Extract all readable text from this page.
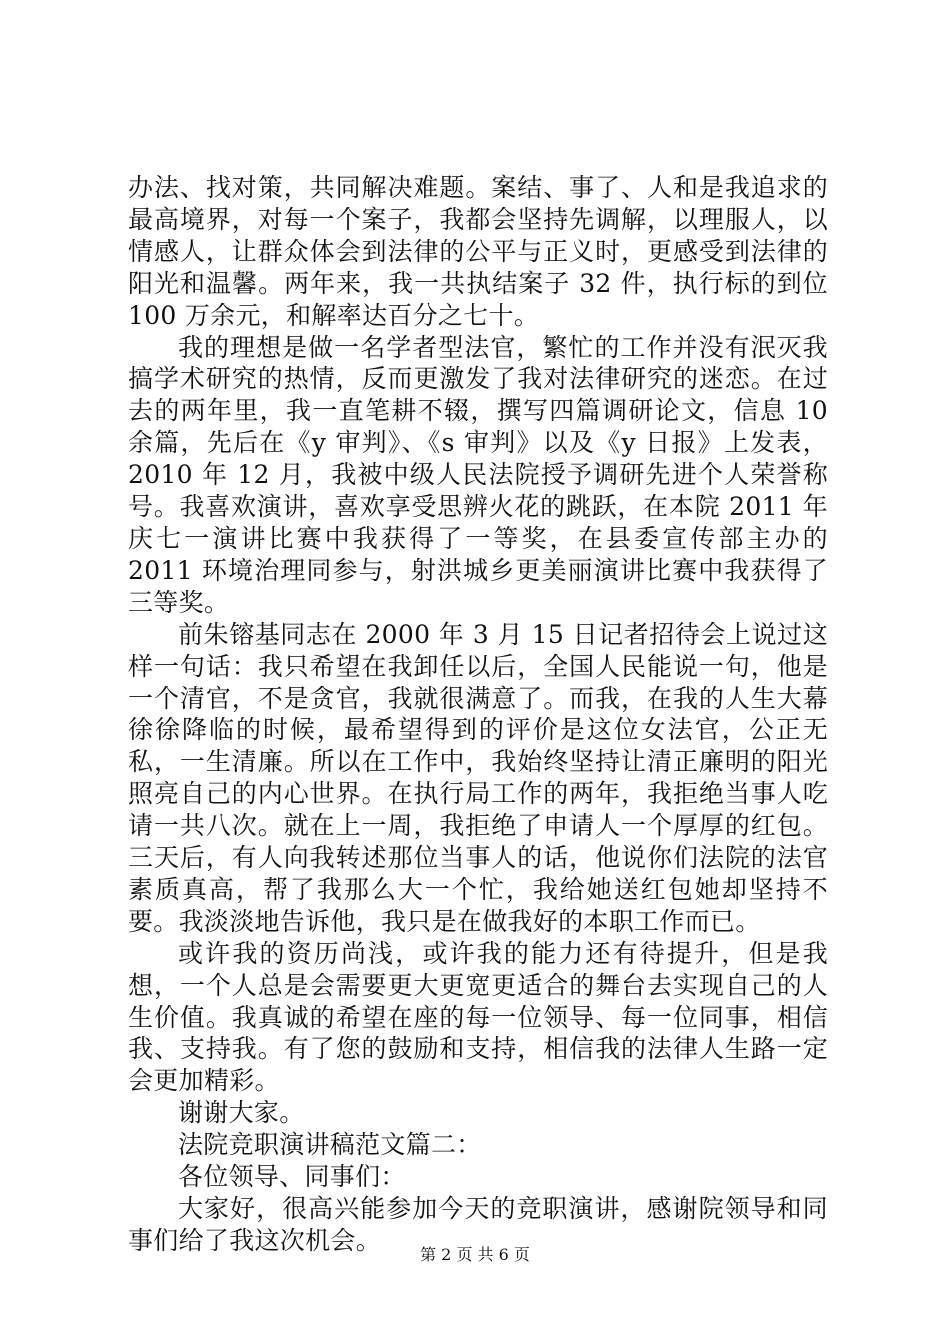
办法、找对策，共同解决难题。案结、事了、人和是我追求的最高境界，对每一个案子，我都会坚持先调解，以理服人，以情感人，让群众体会到法律的公平与正义时，更感受到法律的阳光和温馨。两年来，我一共执结案子 32 件，执行标的到位 100 万余元，和解率达百分之七十。

我的理想是做一名学者型法官，繁忙的工作并没有泯灭我搞学术研究的热情，反而更激发了我对法律研究的迷恋。在过去的两年里，我一直笔耕不辍，撰写四篇调研论文，信息 10 余篇，先后在《y 审判》、《s 审判》以及《y 日报》上发表，2010 年 12 月，我被中级人民法院授予调研先进个人荣誉称号。我喜欢演讲，喜欢享受思辨火花的跳跃，在本院 2011 年庆七一演讲比赛中我获得了一等奖，在县委宣传部主办的 2011 环境治理同参与，射洪城乡更美丽演讲比赛中我获得了三等奖。

前朱镕基同志在 2000 年 3 月 15 日记者招待会上说过这样一句话：我只希望在我卸任以后，全国人民能说一句，他是一个清官，不是贪官，我就很满意了。而我，在我的人生大幕徐徐降临的时候，最希望得到的评价是这位女法官，公正无私，一生清廉。所以在工作中，我始终坚持让清正廉明的阳光照亮自己的内心世界。在执行局工作的两年，我拒绝当事人吃请一共八次。就在上一周，我拒绝了申请人一个厚厚的红包。三天后，有人向我转述那位当事人的话，他说你们法院的法官素质真高，帮了我那么大一个忙，我给她送红包她却坚持不要。我淡淡地告诉他，我只是在做我好的本职工作而已。

或许我的资历尚浅，或许我的能力还有待提升，但是我想，一个人总是会需要更大更宽更适合的舞台去实现自己的人生价值。我真诚的希望在座的每一位领导、每一位同事，相信我、支持我。有了您的鼓励和支持，相信我的法律人生路一定会更加精彩。

谢谢大家。

法院竞职演讲稿范文篇二：

各位领导、同事们：

大家好，很高兴能参加今天的竞职演讲，感谢院领导和同事们给了我这次机会。	第 2 页 共 6 页
